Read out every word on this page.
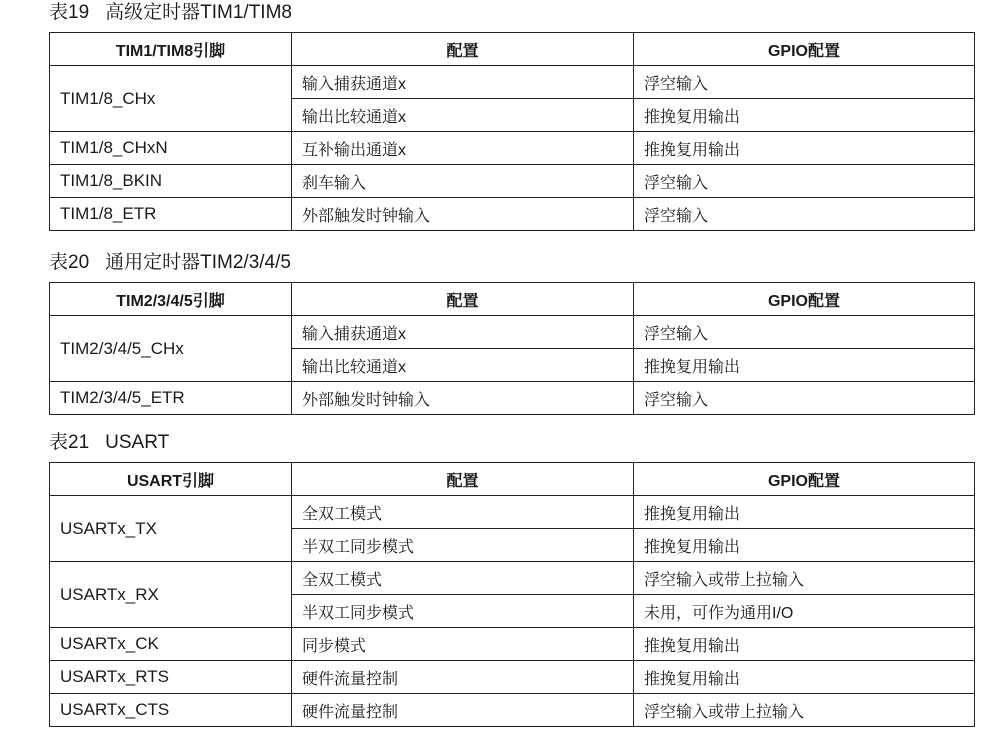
表19 高级定时器TIM1/TIM8
TIM1/TIM8引脚	配置	GPIO配置
TIM1/8_CHx	输入捕获通道x	浮空输入
	输出比较通道x	推挽复用输出
TIM1/8_CHxN	互补输出通道x	推挽复用输出
TIM1/8_BKIN	刹车输入	浮空输入
TIM1/8_ETR	外部触发时钟输入	浮空输入
表20 通用定时器TIM2/3/4/5
TIM2/3/4/5引脚	配置	GPIO配置
TIM2/3/4/5_CHx	输入捕获通道x	浮空输入
	输出比较通道x	推挽复用输出
TIM2/3/4/5_ETR	外部触发时钟输入	浮空输入
表21 USART
USART引脚	配置	GPIO配置
USARTx_TX	全双工模式	推挽复用输出
	半双工同步模式	推挽复用输出
USARTx_RX	全双工模式	浮空输入或带上拉输入
	半双工同步模式	未用，可作为通用I/O
USARTx_CK	同步模式	推挽复用输出
USARTx_RTS	硬件流量控制	推挽复用输出
USARTx_CTS	硬件流量控制	浮空输入或带上拉输入
